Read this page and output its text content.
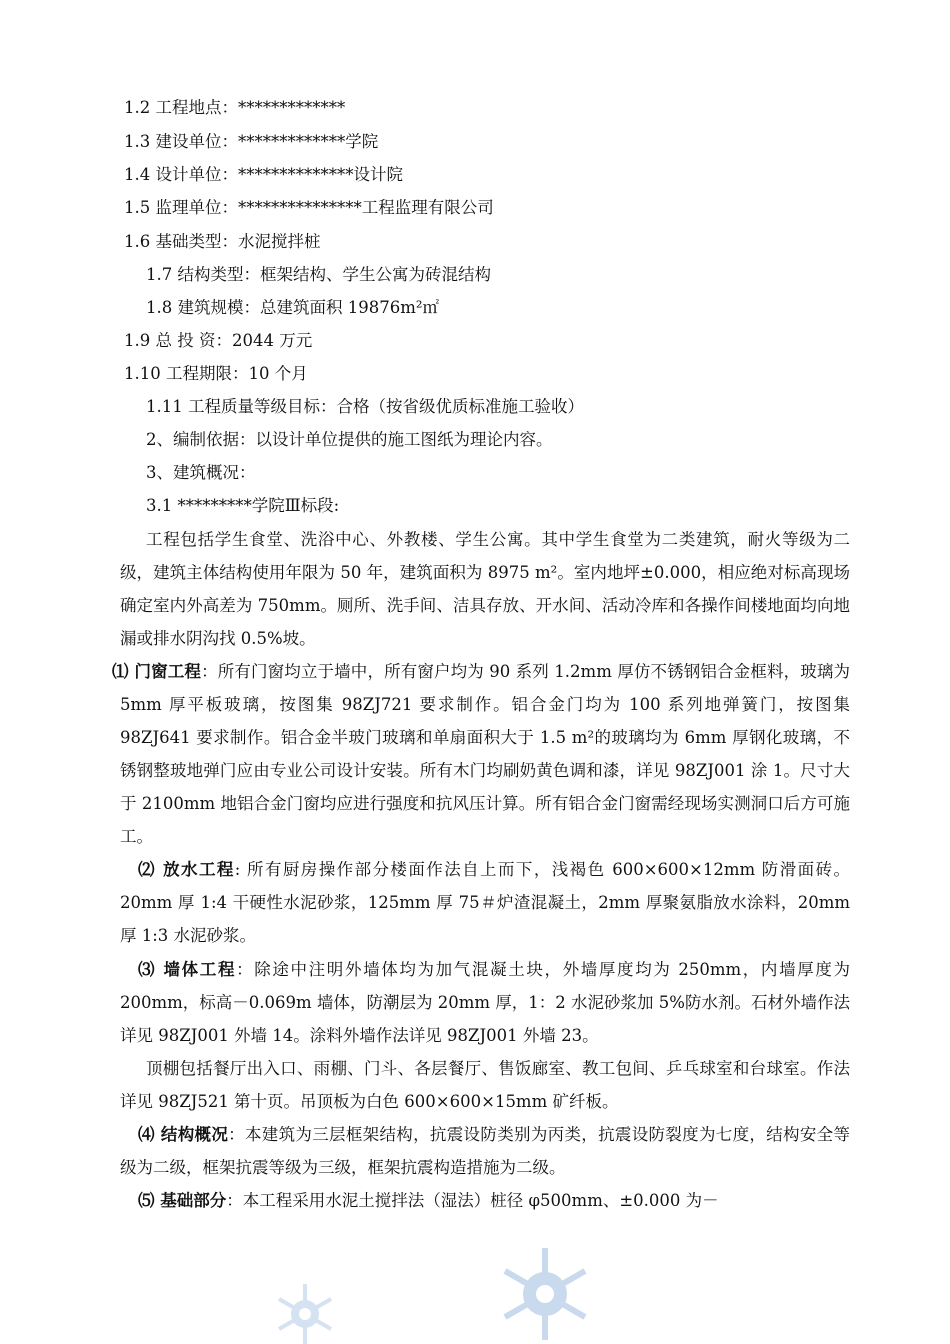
1.2 工程地点：*************
1.3 建设单位：*************学院
1.4 设计单位：**************设计院
1.5 监理单位：***************工程监理有限公司
1.6 基础类型：水泥搅拌桩
1.7 结构类型：框架结构、学生公寓为砖混结构
1.8 建筑规模：总建筑面积 19876m²㎡
1.9 总 投 资：2044 万元
1.10 工程期限：10 个月
1.11 工程质量等级目标：合格（按省级优质标准施工验收）
2、编制依据：以设计单位提供的施工图纸为理论内容。
3、建筑概况：
3.1 *********学院Ⅲ标段:
工程包括学生食堂、洗浴中心、外教楼、学生公寓。其中学生食堂为二类建筑，耐火等级为二级，建筑主体结构使用年限为 50 年，建筑面积为 8975 m²。室内地坪±0.000，相应绝对标高现场确定室内外高差为 750mm。厕所、洗手间、洁具存放、开水间、活动冷库和各操作间楼地面均向地漏或排水阴沟找 0.5%坡。
⑴ 门窗工程：所有门窗均立于墙中，所有窗户均为 90 系列 1.2mm 厚仿不锈钢铝合金框料，玻璃为 5mm 厚平板玻璃，按图集 98ZJ721 要求制作。铝合金门均为 100 系列地弹簧门，按图集 98ZJ641 要求制作。铝合金半玻门玻璃和单扇面积大于 1.5 m²的玻璃均为 6mm 厚钢化玻璃，不锈钢整玻地弹门应由专业公司设计安装。所有木门均刷奶黄色调和漆，详见 98ZJ001 涂 1。尺寸大于 2100mm 地铝合金门窗均应进行强度和抗风压计算。所有铝合金门窗需经现场实测洞口后方可施工。
⑵ 放水工程: 所有厨房操作部分楼面作法自上而下，浅褐色 600×600×12mm 防滑面砖。20mm 厚 1:4 干硬性水泥砂浆，125mm 厚 75＃炉渣混凝土，2mm 厚聚氨脂放水涂料，20mm 厚 1:3 水泥砂浆。
⑶ 墙体工程：除途中注明外墙体均为加气混凝土块，外墙厚度均为 250mm，内墙厚度为 200mm，标高－0.069m 墙体，防潮层为 20mm 厚，1：2 水泥砂浆加 5%防水剂。石材外墙作法详见 98ZJ001 外墙 14。涂料外墙作法详见 98ZJ001 外墙 23。
顶棚包括餐厅出入口、雨棚、门斗、各层餐厅、售饭廊室、教工包间、乒乓球室和台球室。作法详见 98ZJ521 第十页。吊顶板为白色 600×600×15mm 矿纤板。
⑷ 结构概况：本建筑为三层框架结构，抗震设防类别为丙类，抗震设防裂度为七度，结构安全等级为二级，框架抗震等级为三级，框架抗震构造措施为二级。
⑸ 基础部分：本工程采用水泥土搅拌法（湿法）桩径 φ500mm、±0.000 为－
